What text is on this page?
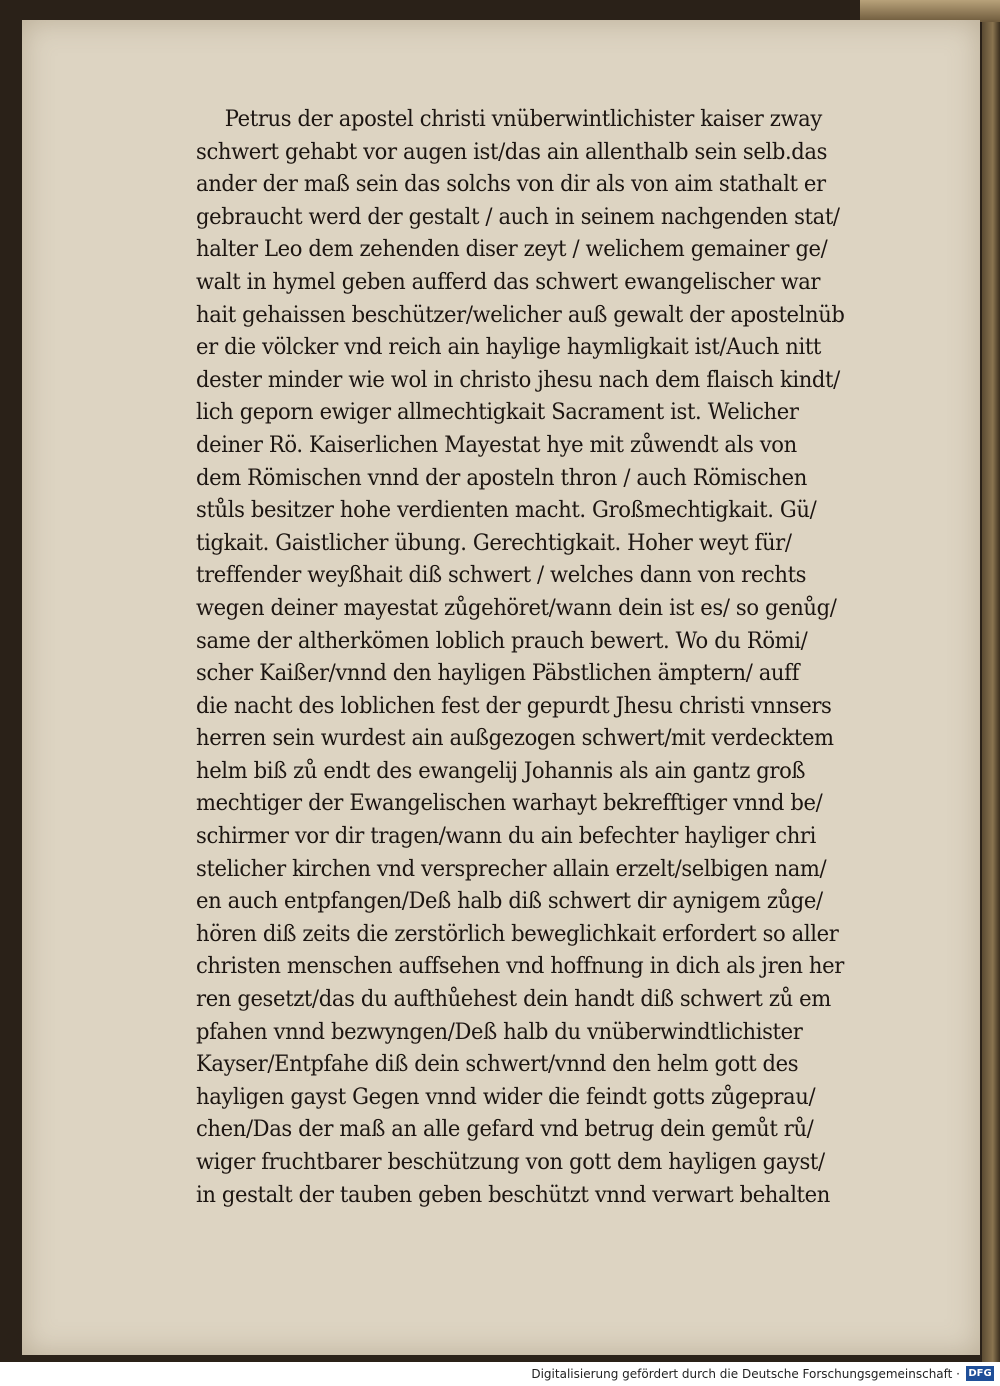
Petrus der apostel christi vnüberwintlichister kaiser zway
schwert gehabt vor augen ist/das ain allenthalb sein selb.das
ander der maß sein das solchs von dir als von aim stathalt er
gebraucht werd der gestalt / auch in seinem nachgenden stat/
halter Leo dem zehenden diser zeyt / welichem gemainer ge/
walt in hymel geben aufferd das schwert ewangelischer war
hait gehaissen beschützer/welicher auß gewalt der apostelnüb
er die völcker vnd reich ain haylige haymligkait ist/Auch nitt
dester minder wie wol in christo jhesu nach dem flaisch kindt/
lich geporn ewiger allmechtigkait Sacrament ist. Welicher
deiner Rö. Kaiserlichen Mayestat hye mit zůwendt als von
dem Römischen vnnd der aposteln thron / auch Römischen
stůls besitzer hohe verdienten macht. Großmechtigkait. Gü/
tigkait. Gaistlicher übung. Gerechtigkait. Hoher weyt für/
treffender weyßhait diß schwert / welches dann von rechts
wegen deiner mayestat zůgehöret/wann dein ist es/ so genůg/
same der altherkömen loblich prauch bewert. Wo du Römi/
scher Kaißer/vnnd den hayligen Päbstlichen ämptern/ auff
die nacht des loblichen fest der gepurdt Jhesu christi vnnsers
herren sein wurdest ain außgezogen schwert/mit verdecktem
helm biß zů endt des ewangelij Johannis als ain gantz groß
mechtiger der Ewangelischen warhayt bekrefftiger vnnd be/
schirmer vor dir tragen/wann du ain befechter hayliger chri
stelicher kirchen vnd versprecher allain erzelt/selbigen nam/
en auch entpfangen/Deß halb diß schwert dir aynigem zůge/
hören diß zeits die zerstörlich beweglichkait erfordert so aller
christen menschen auffsehen vnd hoffnung in dich als jren her
ren gesetzt/das du aufthůehest dein handt diß schwert zů em
pfahen vnnd bezwyngen/Deß halb du vnüberwindtlichister
Kayser/Entpfahe diß dein schwert/vnnd den helm gott des
hayligen gayst Gegen vnnd wider die feindt gotts zůgeprau/
chen/Das der maß an alle gefard vnd betrug dein gemůt rů/
wiger fruchtbarer beschützung von gott dem hayligen gayst/
in gestalt der tauben geben beschützt vnnd verwart behalten
Digitalisierung gefördert durch die Deutsche Forschungsgemeinschaft · DFG
